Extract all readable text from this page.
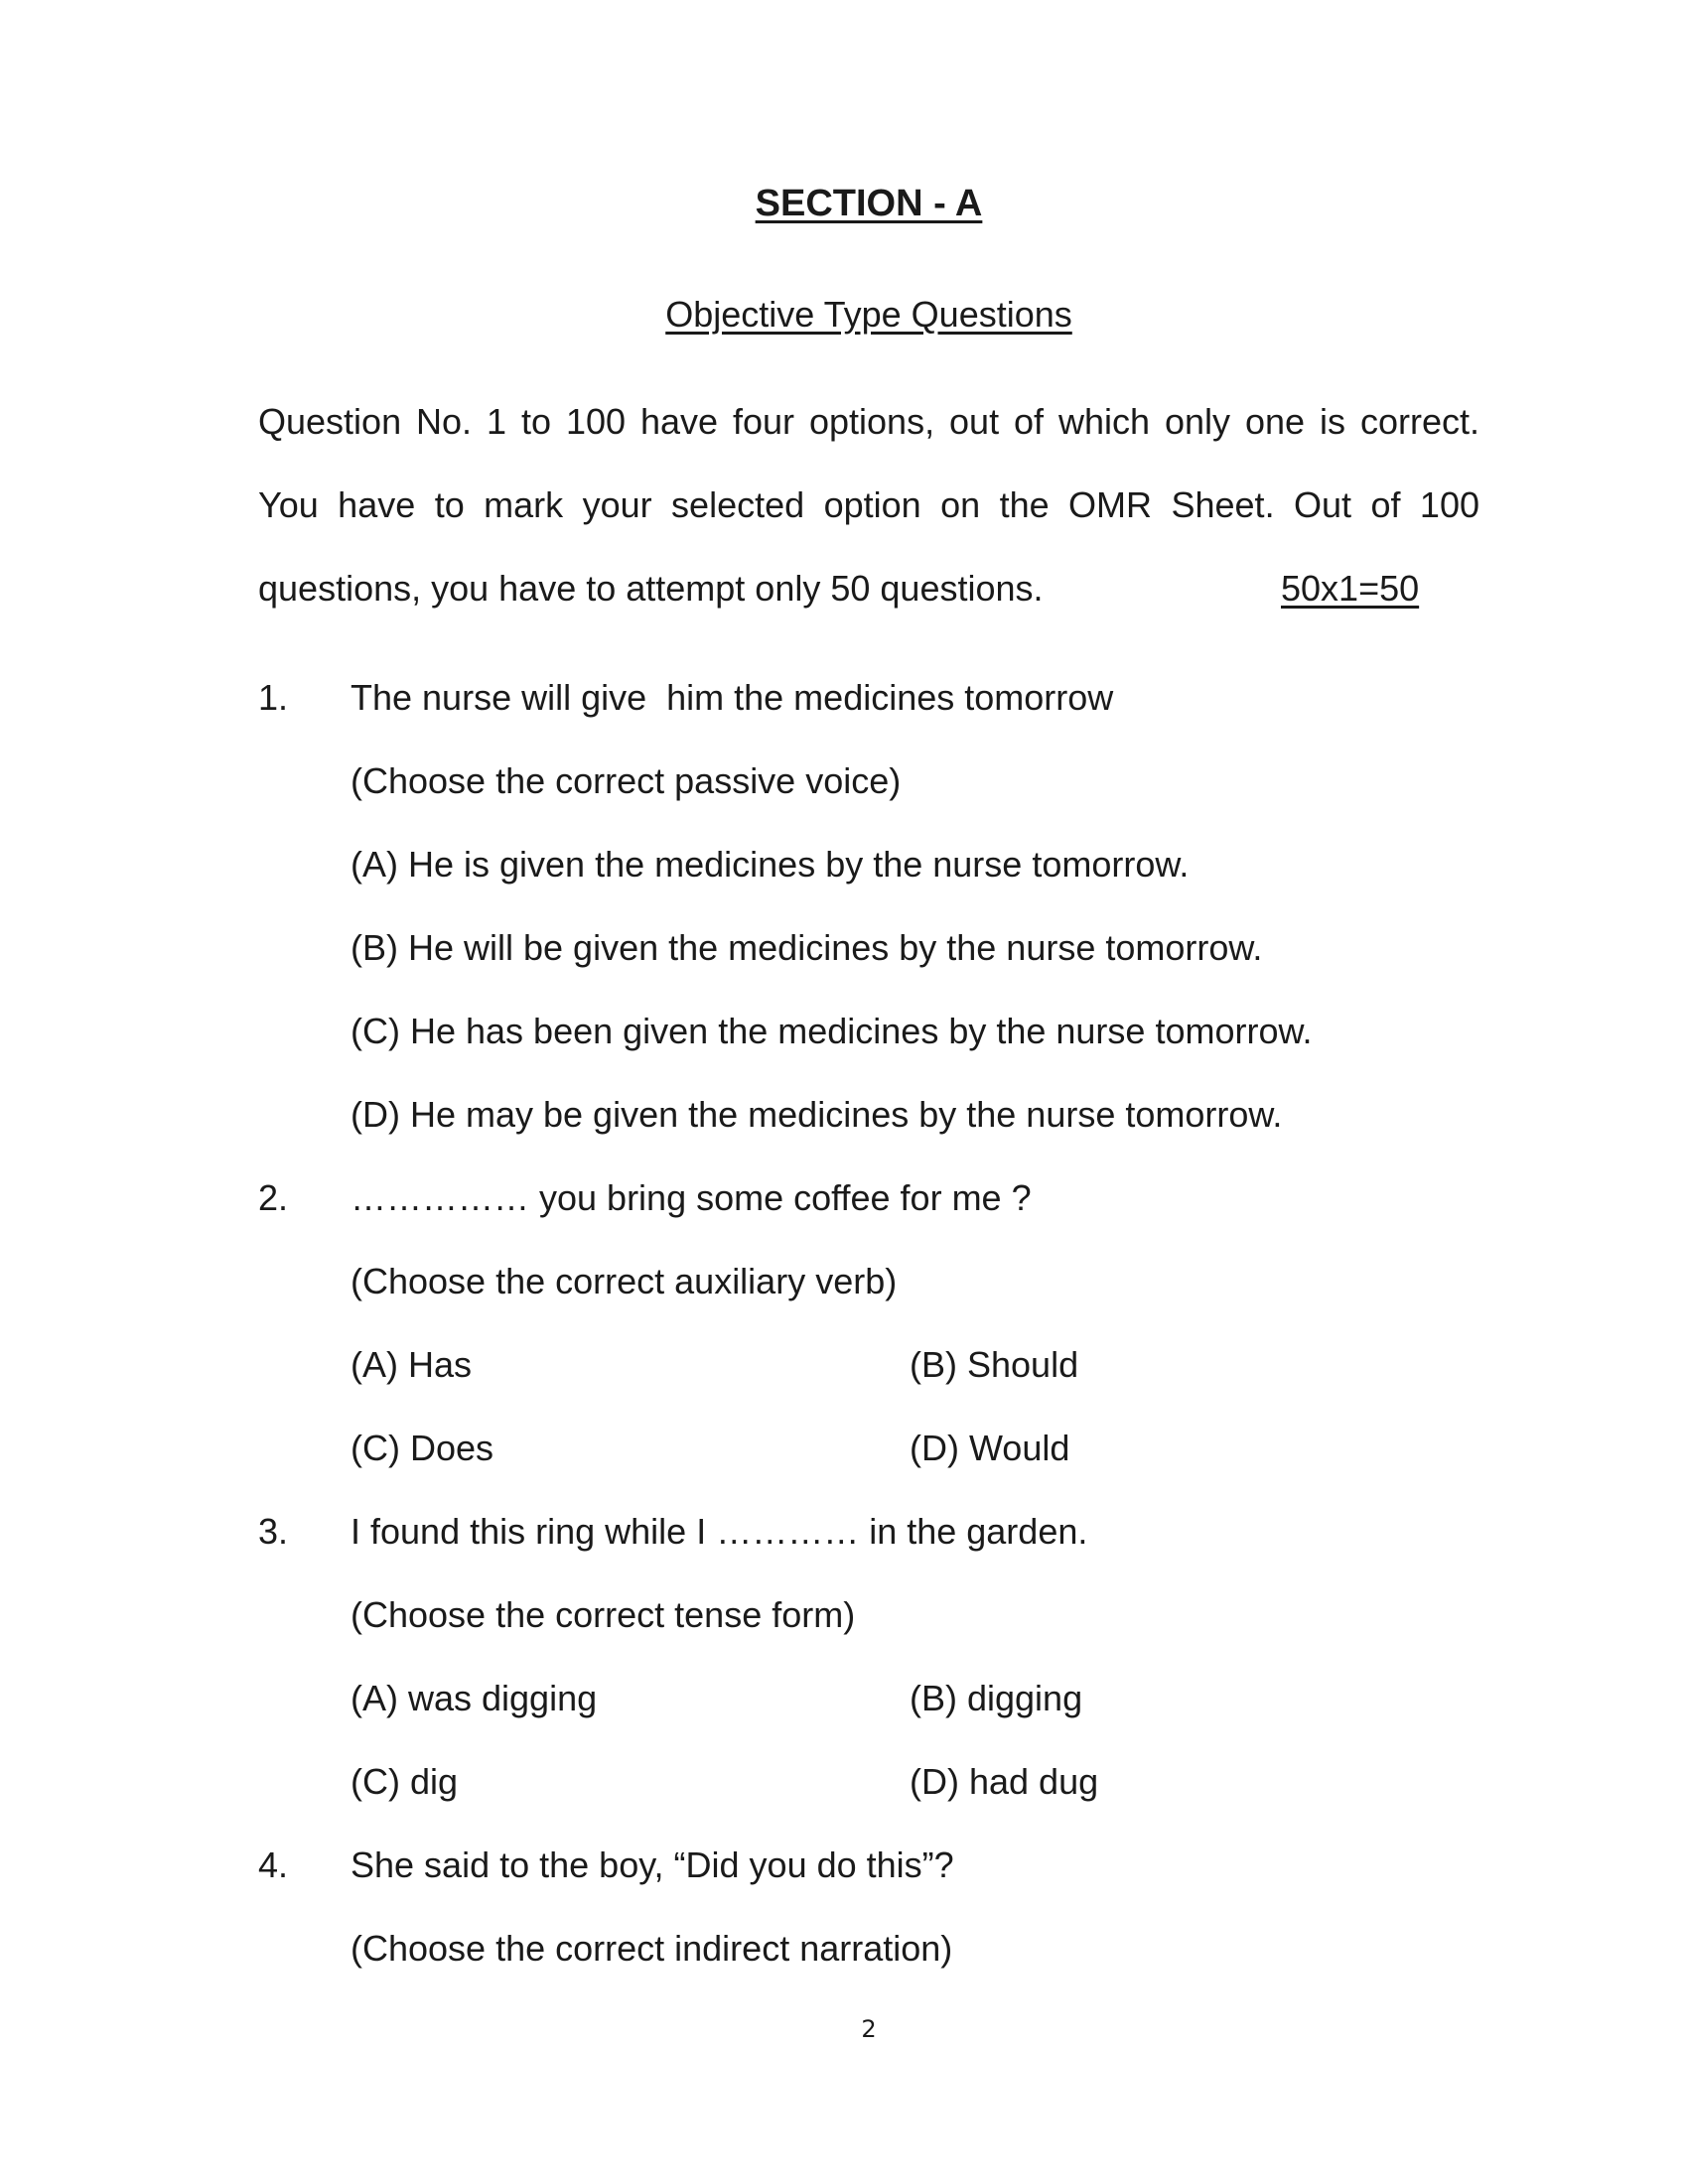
SECTION - A
Objective Type Questions
Question No. 1 to 100 have four options, out of which only one is correct.
You have to mark your selected option on the OMR Sheet. Out of 100
questions, you have to attempt only 50 questions.	50x1=50
1. The nurse will give  him the medicines tomorrow
(Choose the correct passive voice)
(A) He is given the medicines by the nurse tomorrow.
(B) He will be given the medicines by the nurse tomorrow.
(C) He has been given the medicines by the nurse tomorrow.
(D) He may be given the medicines by the nurse tomorrow.
2. …………… you bring some coffee for me ?
(Choose the correct auxiliary verb)
(A) Has	(B) Should
(C) Does	(D) Would
3. I found this ring while I ………… in the garden.
(Choose the correct tense form)
(A) was digging	(B) digging
(C) dig	(D) had dug
4. She said to the boy, “Did you do this”?
(Choose the correct indirect narration)
2
